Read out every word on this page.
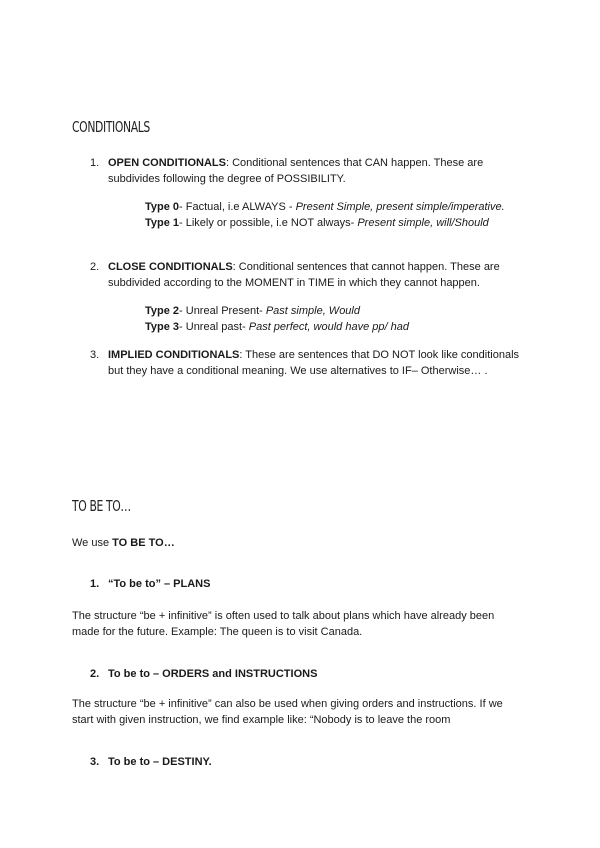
CONDITIONALS
1. OPEN CONDITIONALS: Conditional sentences that CAN happen. These are
subdivides following the degree of POSSIBILITY.
Type 0- Factual, i.e ALWAYS - Present Simple, present simple/imperative.
Type 1- Likely or possible, i.e NOT always- Present simple, will/Should
2. CLOSE CONDITIONALS: Conditional sentences that cannot happen. These are
subdivided according to the MOMENT in TIME in which they cannot happen.
Type 2- Unreal Present- Past simple, Would
Type 3- Unreal past- Past perfect, would have pp/ had
3. IMPLIED CONDITIONALS: These are sentences that DO NOT look like conditionals
but they have a conditional meaning. We use alternatives to IF– Otherwise… .
TO BE TO…
We use TO BE TO…
1. “To be to” – PLANS
The structure “be + infinitive” is often used to talk about plans which have already been
made for the future. Example: The queen is to visit Canada.
2. To be to – ORDERS and INSTRUCTIONS
The structure “be + infinitive” can also be used when giving orders and instructions. If we
start with given instruction, we find example like: “Nobody is to leave the room
3. To be to – DESTINY.
